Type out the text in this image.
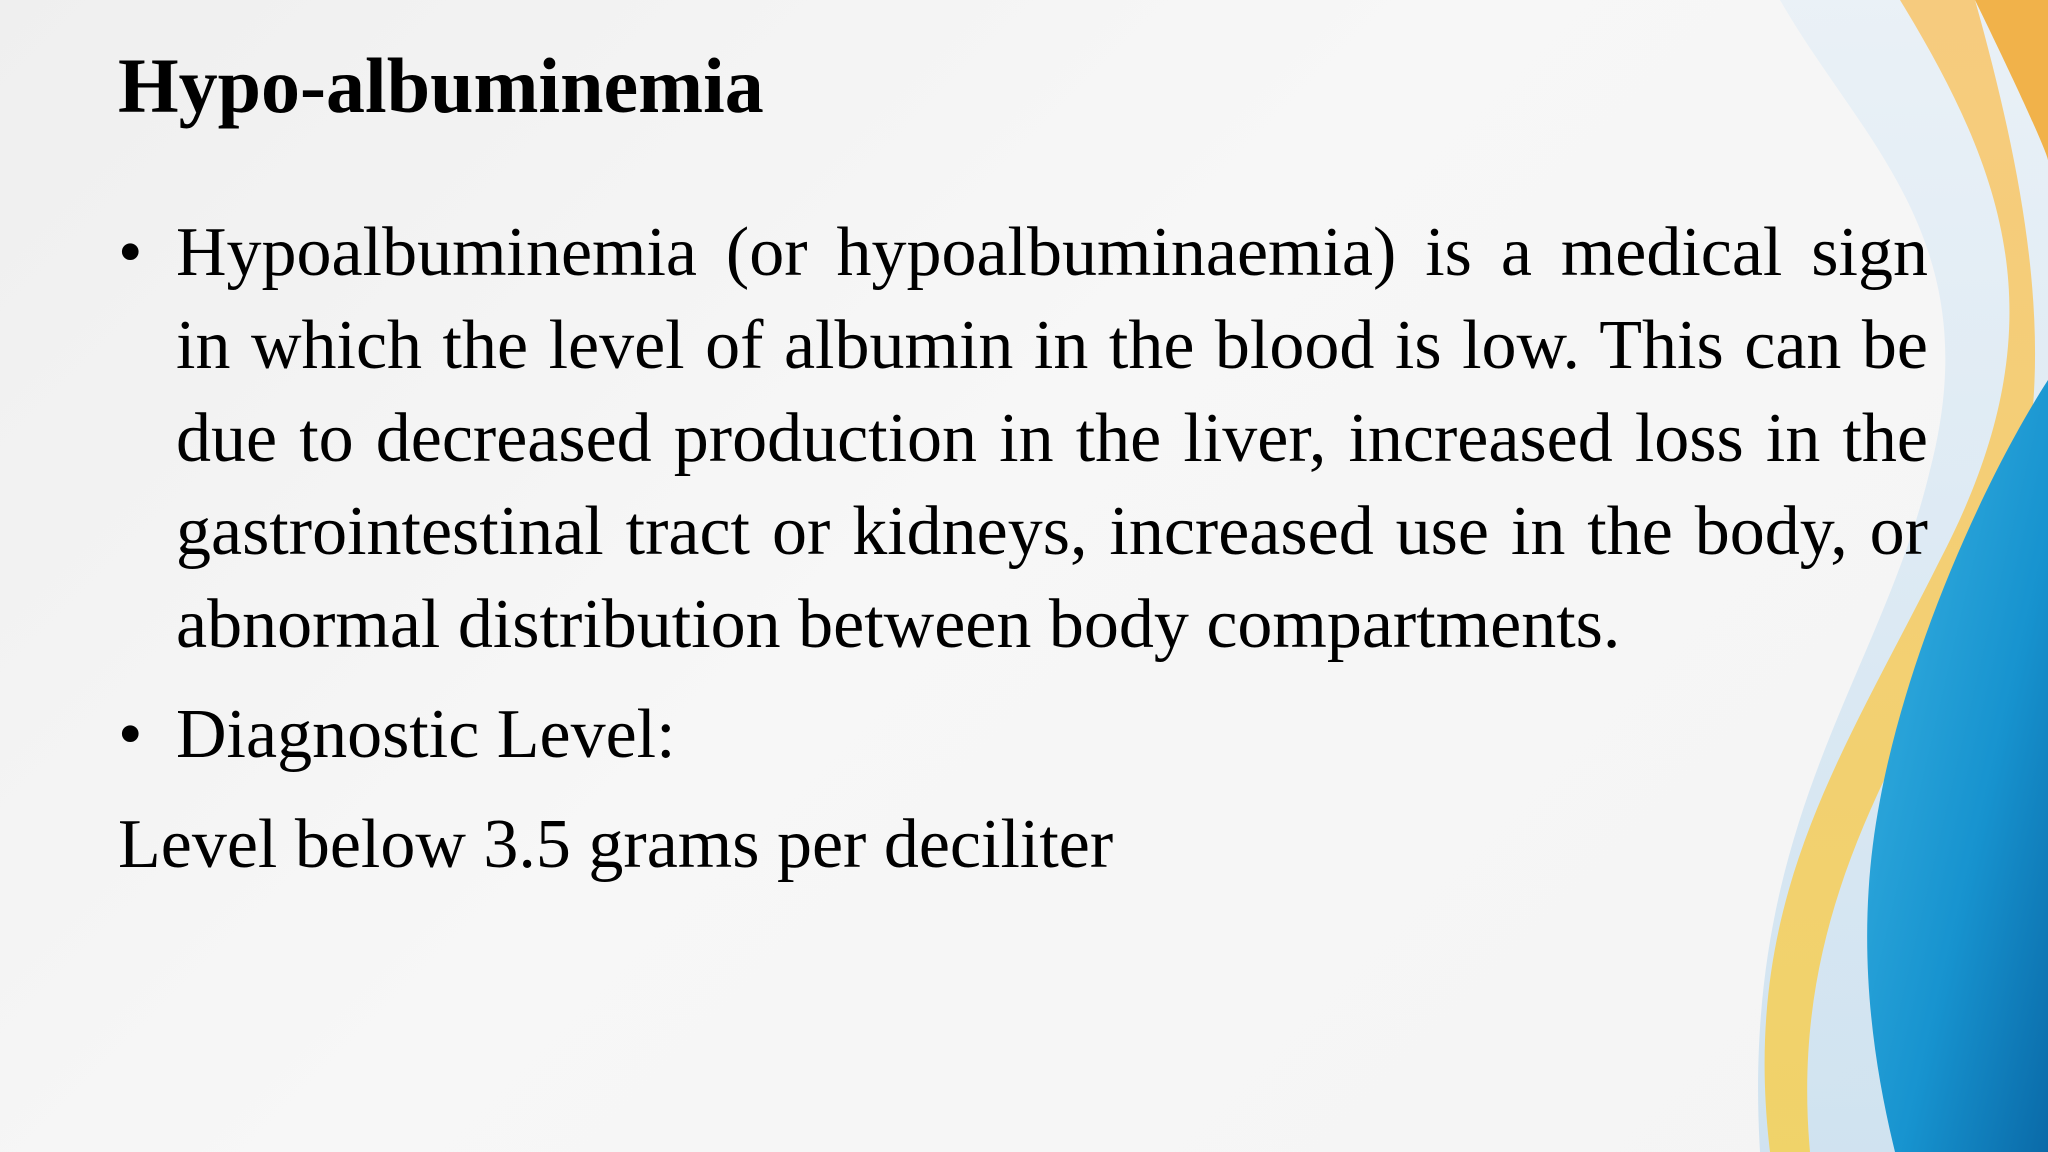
Hypo-albuminemia
• Hypoalbuminemia (or hypoalbuminaemia) is a medical sign in which the level of albumin in the blood is low. This can be due to decreased production in the liver, increased loss in the gastrointestinal tract or kidneys, increased use in the body, or abnormal distribution between body compartments.
• Diagnostic Level:

Level below 3.5 grams per deciliter
